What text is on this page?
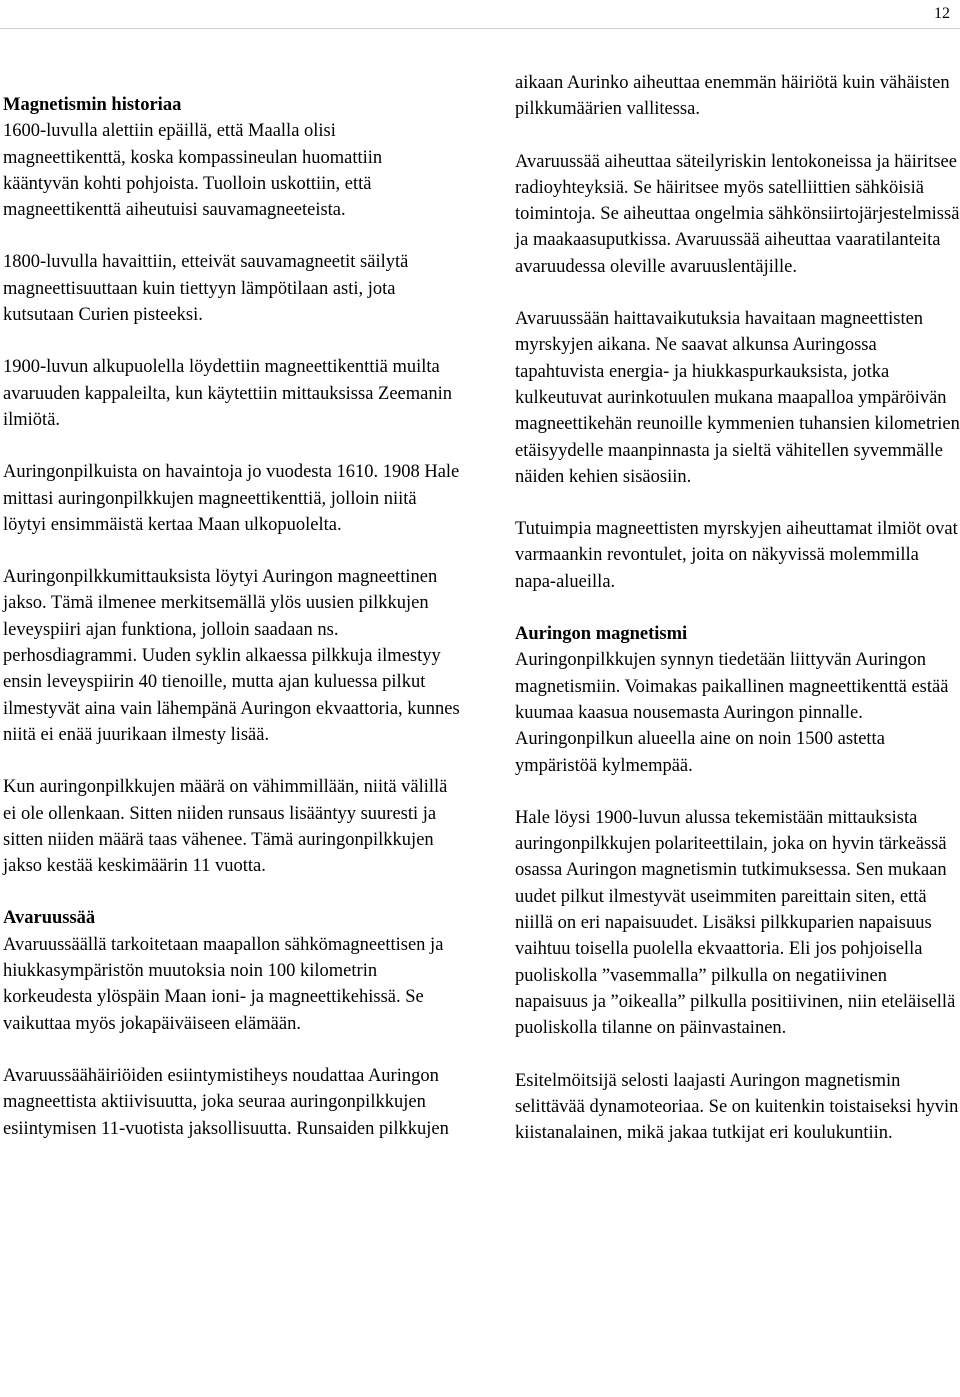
12
Magnetismin historiaa
1600-luvulla alettiin epäillä, että Maalla olisi magneettikenttä, koska kompassineulan huomattiin kääntyvän kohti pohjoista. Tuolloin uskottiin, että magneettikenttä aiheutuisi sauvamagneeteista.

1800-luvulla havaittiin, etteivät sauvamagneetit säilytä magneettisuuttaan kuin tiettyyn lämpötilaan asti, jota kutsutaan Curien pisteeksi.

1900-luvun alkupuolella löydettiin magneettikenttiä muilta avaruuden kappaleilta, kun käytettiin mittauksissa Zeemanin ilmiötä.

Auringonpilkuista on havaintoja jo vuodesta 1610. 1908 Hale mittasi auringonpilkkujen magneettikenttiä, jolloin niitä löytyi ensimmäistä kertaa Maan ulkopuolelta.

Auringonpilkkumittauksista löytyi Auringon magneettinen jakso. Tämä ilmenee merkitsemällä ylös uusien pilkkujen leveyspiiri ajan funktiona, jolloin saadaan ns. perhosdiagrammi. Uuden syklin alkaessa pilkkuja ilmestyy ensin leveyspiirin 40 tienoille, mutta ajan kuluessa pilkut ilmestyvät aina vain lähempänä Auringon ekvaattoria, kunnes niitä ei enää juurikaan ilmesty lisää.

Kun auringonpilkkujen määrä on vähimmillään, niitä välillä ei ole ollenkaan. Sitten niiden runsaus lisääntyy suuresti ja sitten niiden määrä taas vähenee. Tämä auringonpilkkujen jakso kestää keskimäärin 11 vuotta.

Avaruussää
Avaruussäällä tarkoitetaan maapallon sähkömagneettisen ja hiukkasympäristön muutoksia noin 100 kilometrin korkeudesta ylöspäin Maan ioni- ja magneettikehissä. Se vaikuttaa myös jokapäiväiseen elämään.

Avaruussäähäiriöiden esiintymistiheys noudattaa Auringon magneettista aktiivisuutta, joka seuraa auringonpilkkujen esiintymisen 11-vuotista jaksollisuutta. Runsaiden pilkkujen

aikaan Aurinko aiheuttaa enemmän häiriötä kuin vähäisten pilkkumäärien vallitessa.

Avaruussää aiheuttaa säteilyriskin lentokoneissa ja häiritsee radioyhteyksiä. Se häiritsee myös satelliittien sähköisiä toimintoja. Se aiheuttaa ongelmia sähkönsiirtojärjestelmissä ja maakaasuputkissa. Avaruussää aiheuttaa vaaratilanteita avaruudessa oleville avaruuslentäjille.

Avaruussään haittavaikutuksia havaitaan magneettisten myrskyjen aikana. Ne saavat alkunsa Auringossa tapahtuvista energia- ja hiukkaspurkauksista, jotka kulkeutuvat aurinkotuulen mukana maapalloa ympäröivän magneettikehän reunoille kymmenien tuhansien kilometrien etäisyydelle maanpinnasta ja sieltä vähitellen syvemmälle näiden kehien sisäosiin.

Tutuimpia magneettisten myrskyjen aiheuttamat ilmiöt ovat varmaankin revontulet, joita on näkyvissä molemmilla napa-alueilla.

Auringon magnetismi
Auringonpilkkujen synnyn tiedetään liittyvän Auringon magnetismiin. Voimakas paikallinen magneettikenttä estää kuumaa kaasua nousemasta Auringon pinnalle. Auringonpilkun alueella aine on noin 1500 astetta ympäristöä kylmempää.

Hale löysi 1900-luvun alussa tekemistään mittauksista auringonpilkkujen polariteettilain, joka on hyvin tärkeässä osassa Auringon magnetismin tutkimuksessa. Sen mukaan uudet pilkut ilmestyvät useimmiten pareittain siten, että niillä on eri napaisuudet. Lisäksi pilkkuparien napaisuus vaihtuu toisella puolella ekvaattoria. Eli jos pohjoisella puoliskolla ”vasemmalla” pilkulla on negatiivinen napaisuus ja ”oikealla” pilkulla positiivinen, niin eteläisellä puoliskolla tilanne on päinvastainen.

Esitelmöitsijä selosti laajasti Auringon magnetismin selittävää dynamoteoriaa. Se on kuitenkin toistaiseksi hyvin kiistanalainen, mikä jakaa tutkijat eri koulukuntiin.
